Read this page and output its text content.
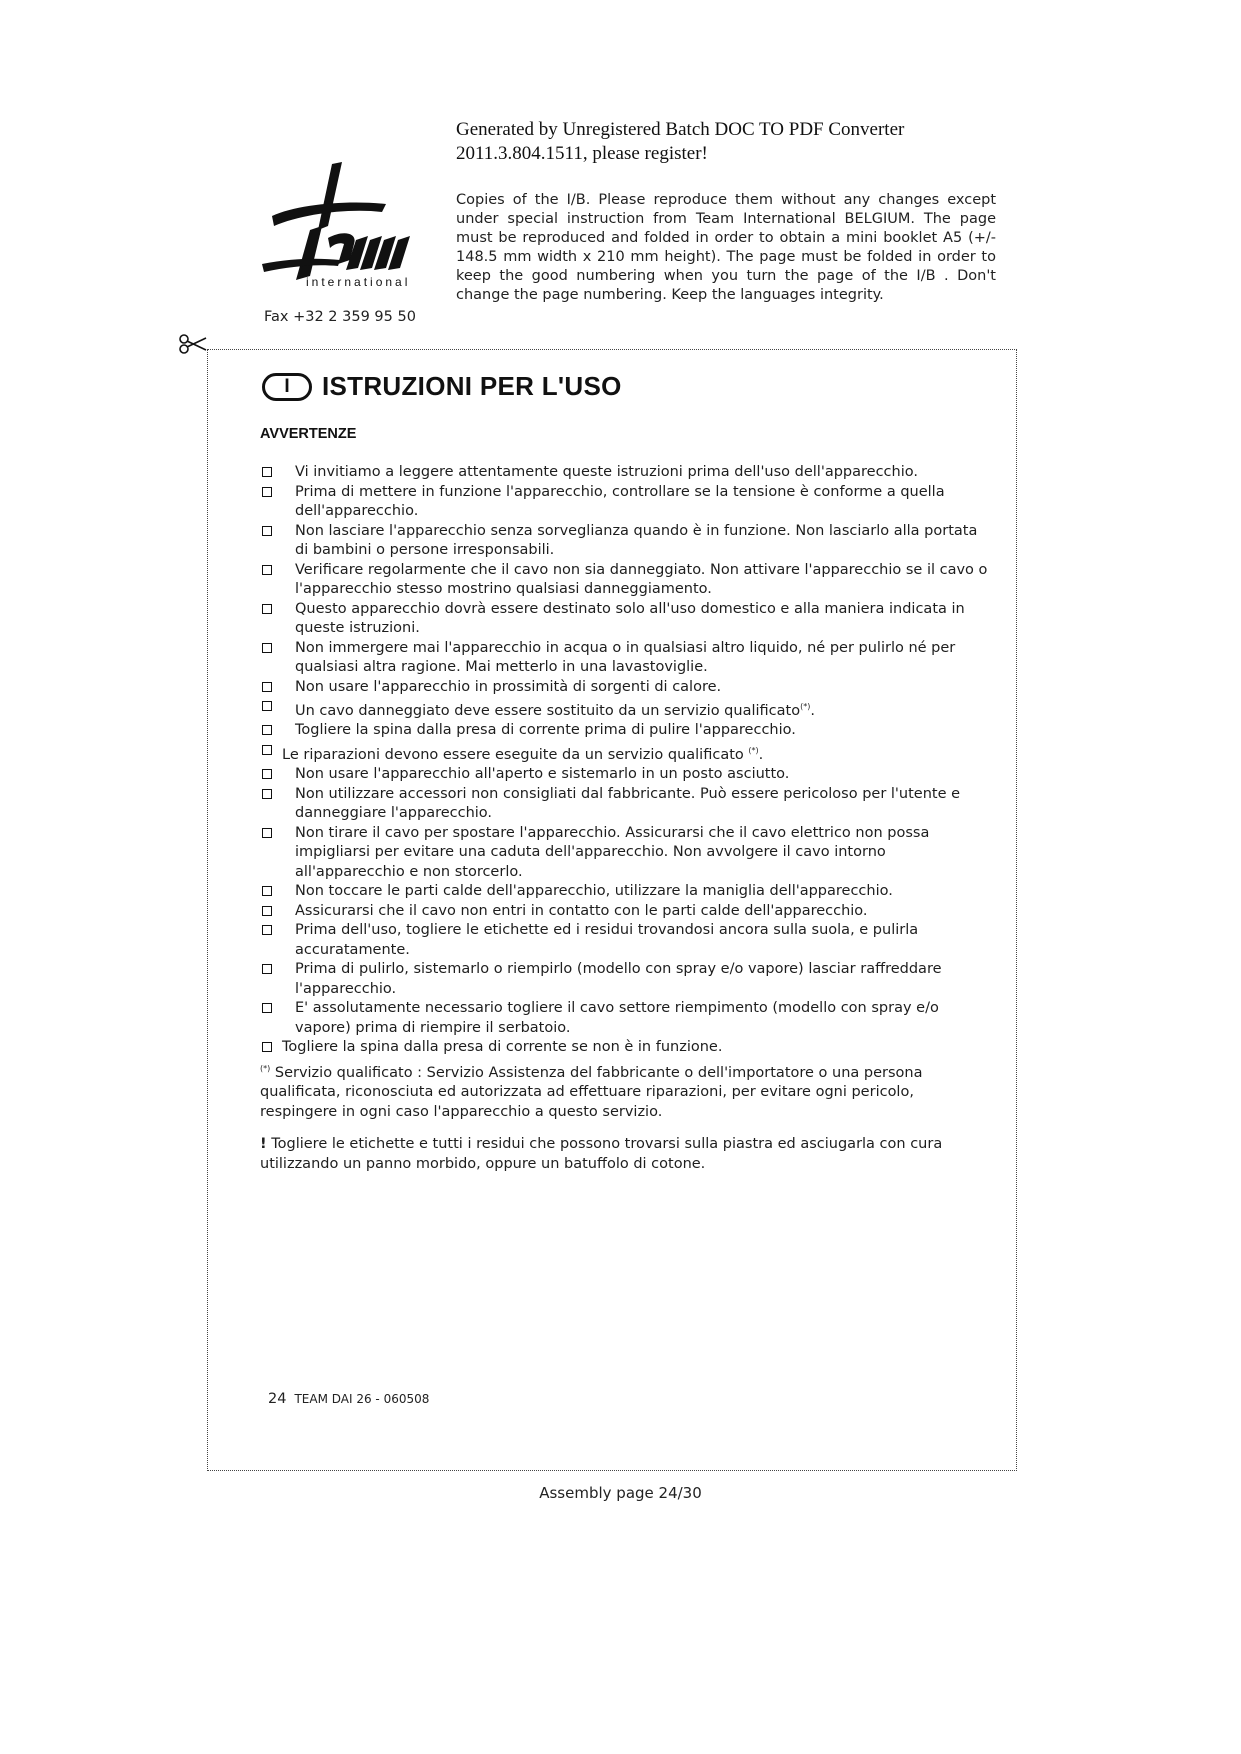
Generated by Unregistered Batch DOC TO PDF Converter
2011.3.804.1511, please register!
international
Fax +32 2 359 95 50
Copies of the I/B. Please reproduce them without any changes except under special instruction from Team International BELGIUM. The page must be reproduced and folded in order to obtain a mini booklet A5 (+/- 148.5 mm width x 210 mm height). The page must be folded in order to keep the good numbering when you turn the page of the I/B . Don't change the page numbering. Keep the languages integrity.
I	ISTRUZIONI PER L'USO
AVVERTENZE
Vi invitiamo a leggere attentamente queste istruzioni prima dell'uso dell'apparecchio.
Prima di mettere in funzione l'apparecchio, controllare se la tensione è conforme a quella dell'apparecchio.
Non lasciare l'apparecchio senza sorveglianza quando è in funzione. Non lasciarlo alla portata di bambini o persone irresponsabili.
Verificare regolarmente che il cavo non sia danneggiato. Non attivare l'apparecchio se il cavo o l'apparecchio stesso mostrino qualsiasi danneggiamento.
Questo apparecchio dovrà essere destinato solo all'uso domestico e alla maniera indicata in queste istruzioni.
Non immergere mai l'apparecchio in acqua o in qualsiasi altro liquido, né per pulirlo né per qualsiasi altra ragione. Mai metterlo in una lavastoviglie.
Non usare l'apparecchio in prossimità di sorgenti di calore.
Un cavo danneggiato deve essere sostituito da un servizio qualificato(*).
Togliere la spina dalla presa di corrente prima di pulire l'apparecchio.
Le riparazioni devono essere eseguite da un servizio qualificato (*).
Non usare l'apparecchio all'aperto e sistemarlo in un posto asciutto.
Non utilizzare accessori non consigliati dal fabbricante. Può essere pericoloso per l'utente e danneggiare l'apparecchio.
Non tirare il cavo per spostare l'apparecchio. Assicurarsi che il cavo elettrico non possa impigliarsi per evitare una caduta dell'apparecchio. Non avvolgere il cavo intorno all'apparecchio e non storcerlo.
Non toccare le parti calde dell'apparecchio, utilizzare la maniglia dell'apparecchio.
Assicurarsi che il cavo non entri in contatto con le parti calde dell'apparecchio.
Prima dell'uso, togliere le etichette ed i residui trovandosi ancora sulla suola, e pulirla accuratamente.
Prima di pulirlo, sistemarlo o riempirlo (modello con spray e/o vapore) lasciar raffreddare l'apparecchio.
E' assolutamente necessario togliere il cavo settore riempimento (modello con spray e/o vapore) prima di riempire il serbatoio.
Togliere la spina dalla presa di corrente se non è in funzione.
(*) Servizio qualificato : Servizio Assistenza del fabbricante o dell'importatore o una persona qualificata, riconosciuta ed autorizzata ad effettuare riparazioni, per evitare ogni pericolo, respingere in ogni caso l'apparecchio a questo servizio.
! Togliere le etichette e tutti i residui che possono trovarsi sulla piastra ed asciugarla con cura utilizzando un panno morbido, oppure un batuffolo di cotone.
24 TEAM DAI 26 - 060508
Assembly page 24/30
